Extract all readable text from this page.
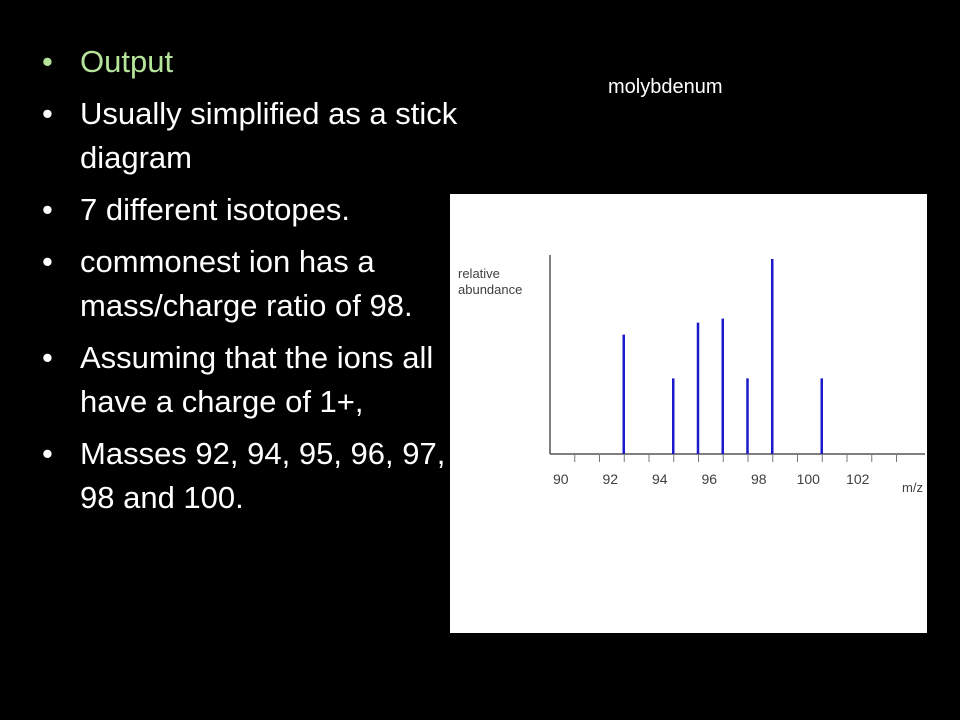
• Output
• Usually simplified as a stick diagram
• 7 different isotopes.
• commonest ion has a mass/charge ratio of 98.
• Assuming that the ions all have a charge of 1+,
• Masses 92, 94, 95, 96, 97, 98 and 100.
molybdenum
relative
abundance
90 92 94 96 98 100 102
m/z
